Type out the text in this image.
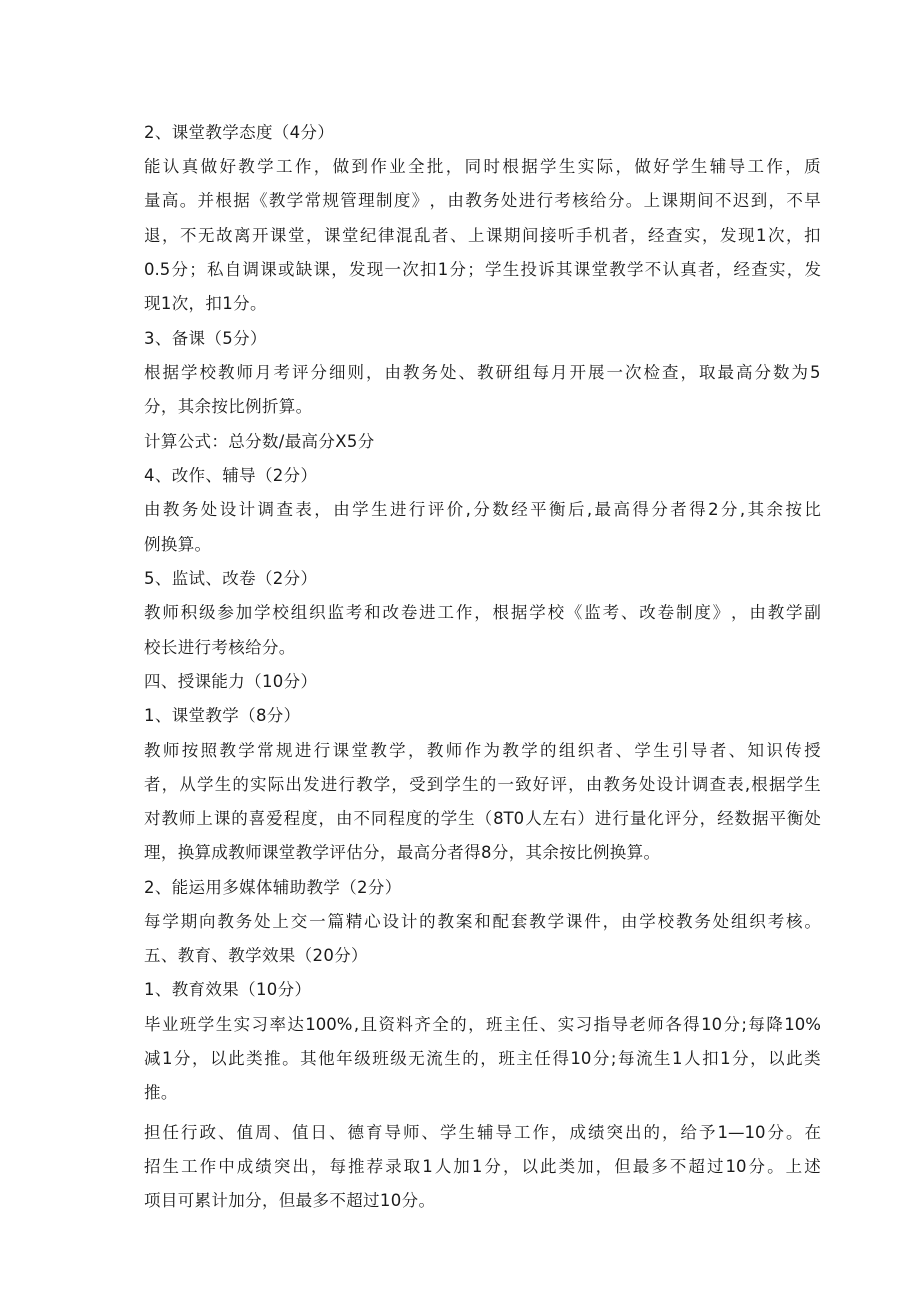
2、课堂教学态度（4分）
能 认 真 做 好 教 学 工 作 ， 做 到 作 业 全 批 ， 同 时 根 据 学 生 实 际 ， 做 好 学 生 辅 导 工 作 ， 质
量 高 。 并 根 据 《 教 学 常 规 管 理 制 度 》 ， 由 教 务 处 进 行 考 核 给 分 。 上 课 期 间 不 迟 到 ， 不 早
退 ， 不 无 故 离 开 课 堂 ， 课 堂 纪 律 混 乱 者 、 上 课 期 间 接 听 手 机 者 ， 经 查 实 ， 发 现 1 次 ， 扣
0.5 分 ； 私 自 调 课 或 缺 课 ， 发 现 一 次 扣 1 分 ； 学 生 投 诉 其 课 堂 教 学 不 认 真 者 ， 经 查 实 ， 发
现1次，扣1分。
3、备课（5分）
根 据 学 校 教 师 月 考 评 分 细 则 ， 由 教 务 处 、 教 研 组 每 月 开 展 一 次 检 查 ， 取 最 高 分 数 为 5
分，其余按比例折算。
计算公式：总分数/最高分X5分
4、改作、辅导（2分）
由 教 务 处 设 计 调 查 表 ， 由 学 生 进 行 评 价 , 分 数 经 平 衡 后 , 最 高 得 分 者 得 2 分 , 其 余 按 比
例换算。
5、监试、改卷（2分）
教 师 积 级 参 加 学 校 组 织 监 考 和 改 卷 进 工 作 ， 根 据 学 校 《 监 考 、 改 卷 制 度 》 ， 由 教 学 副
校长进行考核给分。
四、授课能力（10分）
1、课堂教学（8分）
教 师 按 照 教 学 常 规 进 行 课 堂 教 学 ， 教 师 作 为 教 学 的 组 织 者 、 学 生 引 导 者 、 知 识 传 授
者 ， 从 学 生 的 实 际 出 发 进 行 教 学 ， 受 到 学 生 的 一 致 好 评 ， 由 教 务 处 设 计 调 查 表 , 根 据 学 生
对 教 师 上 课 的 喜 爱 程 度 ， 由 不 同 程 度 的 学 生 （ 8T0 人 左 右 ） 进 行 量 化 评 分 ， 经 数 据 平 衡 处
理，换算成教师课堂教学评估分，最高分者得8分，其余按比例换算。
2、能运用多媒体辅助教学（2分）
每 学 期 向 教 务 处 上 交 一 篇 精 心 设 计 的 教 案 和 配 套 教 学 课 件 ， 由 学 校 教 务 处 组 织 考 核 。
五、教育、教学效果（20分）
1、教育效果（10分）
毕 业 班 学 生 实 习 率 达 100% , 且 资 料 齐 全 的 ， 班 主 任 、 实 习 指 导 老 师 各 得 10 分 ; 每 降 10%
减 1 分 ， 以 此 类 推 。 其 他 年 级 班 级 无 流 生 的 ， 班 主 任 得 10 分 ; 每 流 生 1 人 扣 1 分 ， 以 此 类
推。
担 任 行 政 、 值 周 、 值 日 、 德 育 导 师 、 学 生 辅 导 工 作 ， 成 绩 突 出 的 ， 给 予 1—10 分 。 在
招 生 工 作 中 成 绩 突 出 ， 每 推 荐 录 取 1 人 加 1 分 ， 以 此 类 加 ， 但 最 多 不 超 过 10 分 。 上 述
项目可累计加分，但最多不超过10分。
